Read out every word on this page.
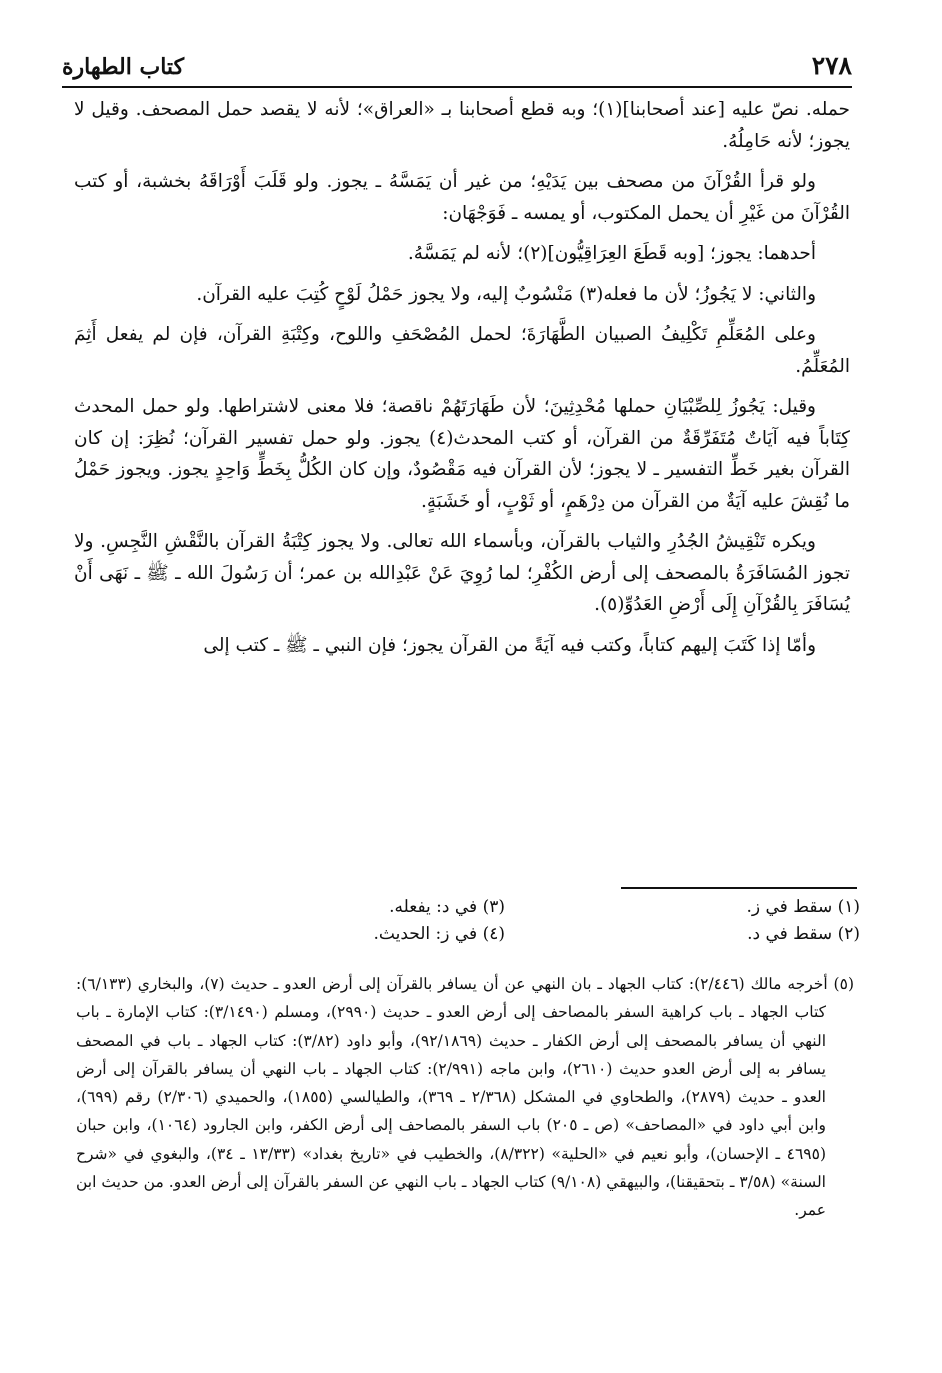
٢٧٨
كتاب الطهارة

حمله. نصّ عليه [عند أصحابنا](١)؛ وبه قطع أصحابنا بـ «العراق»؛ لأنه لا يقصد حمل المصحف. وقيل لا يجوز؛ لأنه حَامِلُهُ.

ولو قرأ القُرْآنَ من مصحف بين يَدَيْهِ؛ من غير أن يَمَسَّهُ ـ يجوز. ولو قَلَبَ أَوْرَاقَهُ بخشبة، أو كتب القُرْآنَ من غَيْرِ أن يحمل المكتوب، أو يمسه ـ فَوَجْهَان:

أحدهما: يجوز؛ [وبه قَطَعَ العِرَاقِيُّون](٢)؛ لأنه لم يَمَسَّهُ.

والثاني: لا يَجُوزُ؛ لأن ما فعله(٣) مَنْسُوبٌ إليه، ولا يجوز حَمْلُ لَوْحٍ كُتِبَ عليه القرآن.

وعلى المُعَلِّمِ تَكْلِيفُ الصبيان الطَّهَارَةَ؛ لحمل المُصْحَفِ واللوح، وكِتْبَةِ القرآن، فإن لم يفعل أَثِمَ المُعَلِّمُ.

وقيل: يَجُوزُ لِلصِّبْيَانِ حملها مُحْدِثِينَ؛ لأن طَهَارَتَهُمْ ناقصة؛ فلا معنى لاشتراطها. ولو حمل المحدث كِتَاباً فيه آيَاتٌ مُتَفَرِّقَةٌ من القرآن، أو كتب المحدث(٤) يجوز. ولو حمل تفسير القرآن؛ نُظِرَ: إن كان القرآن بغير خَطِّ التفسير ـ لا يجوز؛ لأن القرآن فيه مَقْصُودٌ، وإن كان الكُلُّ بِخَطٍّ وَاحِدٍ يجوز. ويجوز حَمْلُ ما نُقِشَ عليه آيَةٌ من القرآن من دِرْهَمٍ، أو ثَوْبٍ، أو خَشَبَةٍ.

ويكره تَنْقِيشُ الجُدُرِ والثياب بالقرآن، وبأسماء الله تعالى. ولا يجوز كِتْبَةُ القرآن بالنَّقْشِ النَّجِسِ. ولا تجوز المُسَافَرَةُ بالمصحف إلى أرض الكُفْرِ؛ لما رُوِيَ عَنْ عَبْدِالله بن عمر؛ أن رَسُولَ الله ـ ﷺ ـ نَهَى أَنْ يُسَافَرَ بِالقُرْآنِ إِلَى أَرْضِ العَدُوِّ(٥).

وأمّا إذا كَتَبَ إليهم كتاباً، وكتب فيه آيَةً من القرآن يجوز؛ فإن النبي ـ ﷺ ـ كتب إلى

(١) سقط في ز.
(٣) في د: يفعله.
(٢) سقط في د.
(٤) في ز: الحديث.
(٥) أخرجه مالك (٢/٤٤٦): كتاب الجهاد ـ بان النهي عن أن يسافر بالقرآن إلى أرض العدو ـ حديث (٧)، والبخاري (٦/١٣٣): كتاب الجهاد ـ باب كراهية السفر بالمصاحف إلى أرض العدو ـ حديث (٢٩٩٠)، ومسلم (٣/١٤٩٠): كتاب الإمارة ـ باب النهي أن يسافر بالمصحف إلى أرض الكفار ـ حديث (٩٢/١٨٦٩)، وأبو داود (٣/٨٢): كتاب الجهاد ـ باب في المصحف يسافر به إلى أرض العدو حديث (٢٦١٠)، وابن ماجه (٢/٩٩١): كتاب الجهاد ـ باب النهي أن يسافر بالقرآن إلى أرض العدو ـ حديث (٢٨٧٩)، والطحاوي في المشكل (٢/٣٦٨ ـ ٣٦٩)، والطيالسي (١٨٥٥)، والحميدي (٢/٣٠٦) رقم (٦٩٩)، وابن أبي داود في «المصاحف» (ص ـ ٢٠٥) باب السفر بالمصاحف إلى أرض الكفر، وابن الجارود (١٠٦٤)، وابن حبان (٤٦٩٥ ـ الإحسان)، وأبو نعيم في «الحلية» (٨/٣٢٢)، والخطيب في «تاريخ بغداد» (١٣/٣٣ ـ ٣٤)، والبغوي في «شرح السنة» (٣/٥٨ ـ بتحقيقنا)، والبيهقي (٩/١٠٨) كتاب الجهاد ـ باب النهي عن السفر بالقرآن إلى أرض العدو. من حديث ابن عمر.
